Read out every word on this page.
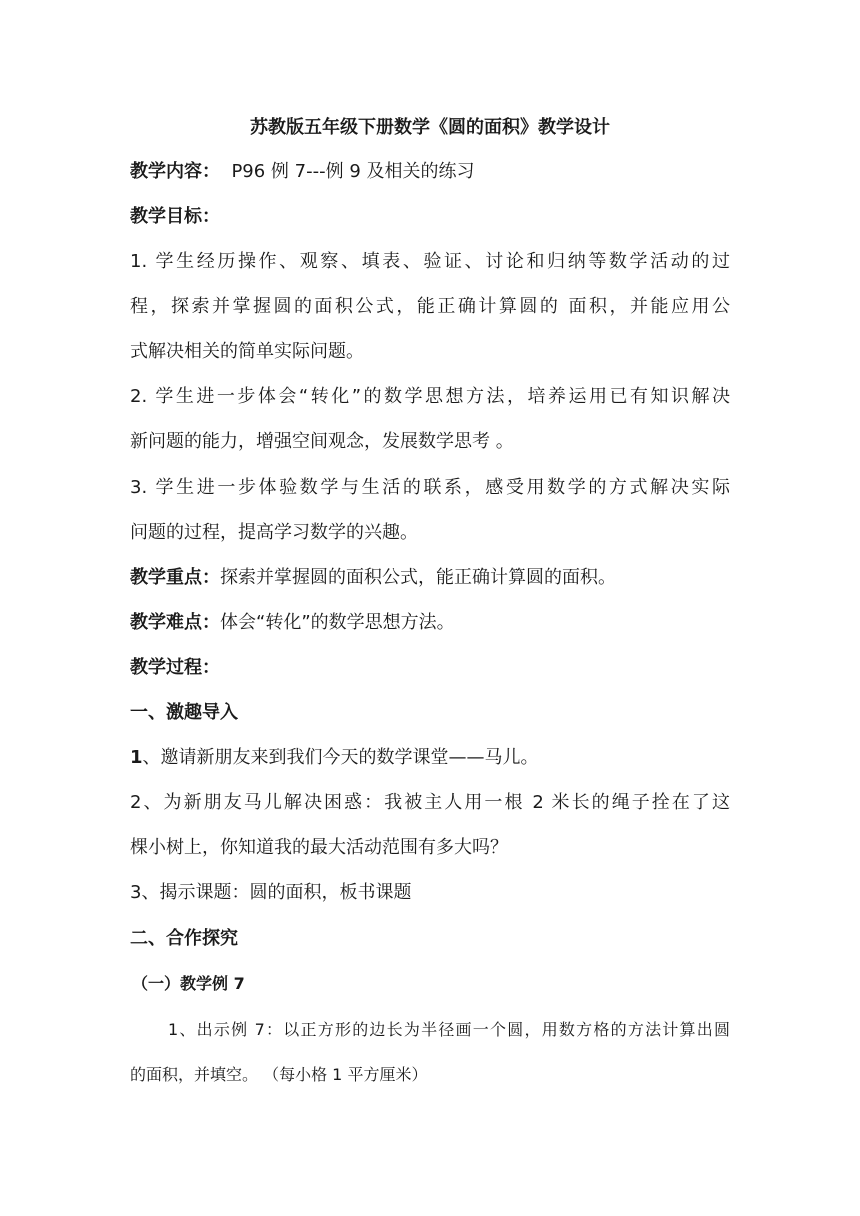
苏教版五年级下册数学《圆的面积》教学设计
教学内容： P96 例 7---例 9 及相关的练习
教学目标：
1. 学生经历操作、观察、填表、验证、讨论和归纳等数学活动的过
程，探索并掌握圆的面积公式，能正确计算圆的 面积，并能应用公
式解决相关的简单实际问题。
2. 学生进一步体会“转化”的数学思想方法，培养运用已有知识解决
新问题的能力，增强空间观念，发展数学思考 。
3. 学生进一步体验数学与生活的联系，感受用数学的方式解决实际
问题的过程，提高学习数学的兴趣。
教学重点：探索并掌握圆的面积公式，能正确计算圆的面积。
教学难点：体会“转化”的数学思想方法。
教学过程：
一、激趣导入
1、邀请新朋友来到我们今天的数学课堂——马儿。
2、为新朋友马儿解决困惑：我被主人用一根 2 米长的绳子拴在了这
棵小树上，你知道我的最大活动范围有多大吗？
3、揭示课题：圆的面积，板书课题
二、合作探究
（一）教学例 7
1、出示例 7：以正方形的边长为半径画一个圆，用数方格的方法计算出圆
的面积，并填空。 （每小格 1 平方厘米）
